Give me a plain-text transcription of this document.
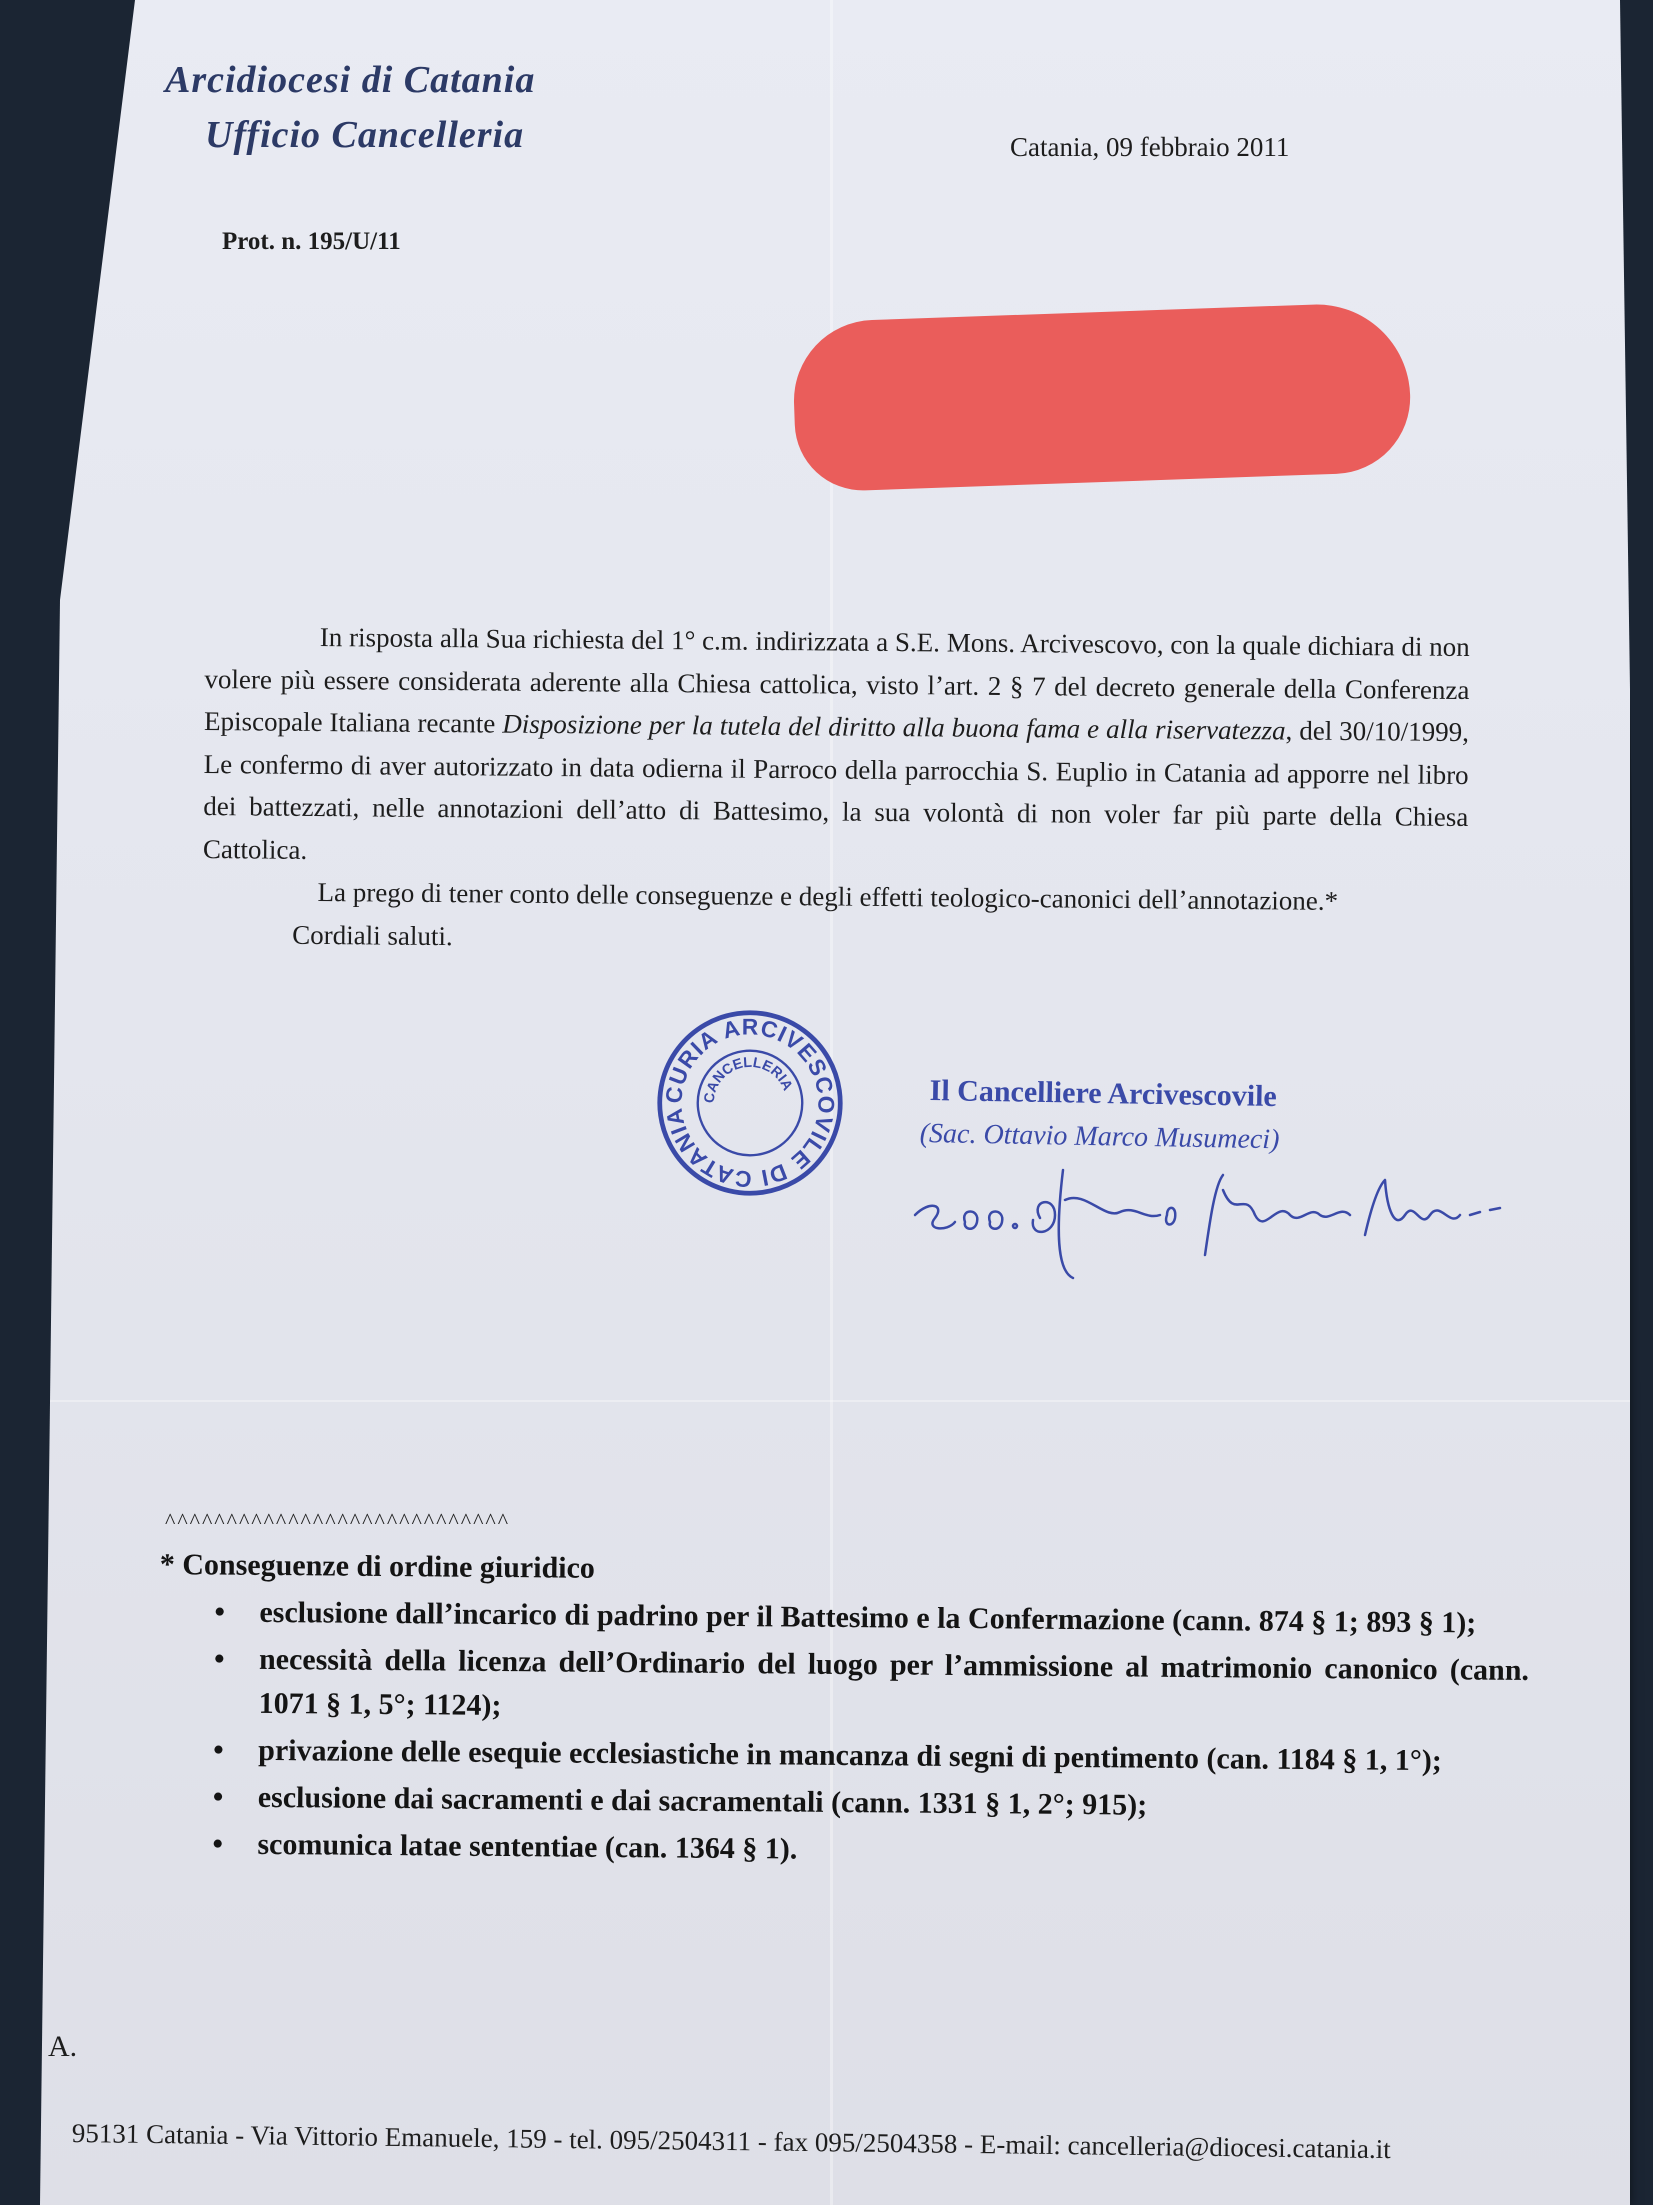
Arcidiocesi di Catania
Ufficio Cancelleria	Catania, 09 febbraio 2011
Prot. n. 195/U/11

In risposta alla Sua richiesta del 1° c.m. indirizzata a S.E. Mons. Arcivescovo, con la quale dichiara di non volere più essere considerata aderente alla Chiesa cattolica, visto l’art. 2 § 7 del decreto generale della Conferenza Episcopale Italiana recante Disposizione per la tutela del diritto alla buona fama e alla riservatezza, del 30/10/1999, Le confermo di aver autorizzato in data odierna il Parroco della parrocchia S. Euplio in Catania ad apporre nel libro dei battezzati, nelle annotazioni dell’atto di Battesimo, la sua volontà di non voler far più parte della Chiesa Cattolica.

La prego di tener conto delle conseguenze e degli effetti teologico-canonici dell’annotazione.*

Cordiali saluti.
CURIA ARCIVESCOVILE DI CATANIA
CANCELLERIA	Il Cancelliere Arcivescovile
(Sac. Ottavio Marco Musumeci)
^^^^^^^^^^^^^^^^^^^^^^^^^^^^
* Conseguenze di ordine giuridico
• esclusione dall’incarico di padrino per il Battesimo e la Confermazione (cann. 874 § 1; 893 § 1);
• necessità della licenza dell’Ordinario del luogo per l’ammissione al matrimonio canonico (cann. 1071 § 1, 5°; 1124);
• privazione delle esequie ecclesiastiche in mancanza di segni di pentimento (can. 1184 § 1, 1°);
• esclusione dai sacramenti e dai sacramentali (cann. 1331 § 1, 2°; 915);
• scomunica latae sententiae (can. 1364 § 1).
A.
95131 Catania - Via Vittorio Emanuele, 159 - tel. 095/2504311 - fax 095/2504358 - E-mail: cancelleria@diocesi.catania.it
